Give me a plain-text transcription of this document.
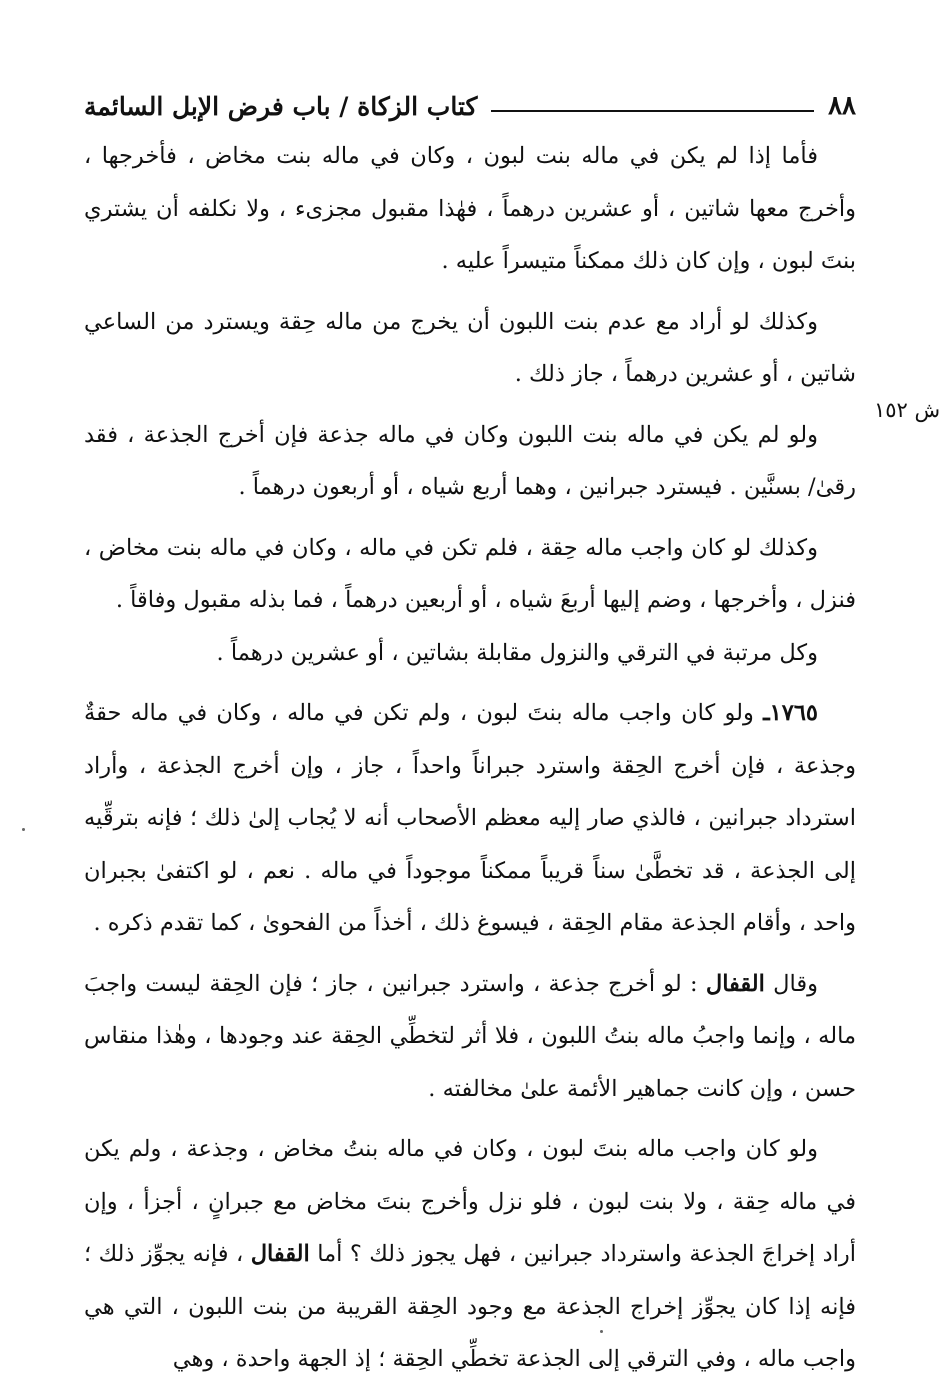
كتاب الزكاة / باب فرض الإبل السائمة	٨٨
ش ١٥٢

فأما إذا لم يكن في ماله بنت لبون ، وكان في ماله بنت مخاض ، فأخرجها ، وأخرج معها شاتين ، أو عشرين درهماً ، فهٰذا مقبول مجزىء ، ولا نكلفه أن يشتري بنتَ لبون ، وإن كان ذلك ممكناً متيسراً عليه .

وكذلك لو أراد مع عدم بنت اللبون أن يخرج من ماله حِقة ويسترد من الساعي شاتين ، أو عشرين درهماً ، جاز ذلك .

ولو لم يكن في ماله بنت اللبون وكان في ماله جذعة فإن أخرج الجذعة ، فقد رقىٰ/ بسنَّين . فيسترد جبرانين ، وهما أربع شياه ، أو أربعون درهماً .

وكذلك لو كان واجب ماله حِقة ، فلم تكن في ماله ، وكان في ماله بنت مخاض ، فنزل ، وأخرجها ، وضم إليها أربعَ شياه ، أو أربعين درهماً ، فما بذله مقبول وفاقاً .

وكل مرتبة في الترقي والنزول مقابلة بشاتين ، أو عشرين درهماً .

١٧٦٥ـ ولو كان واجب ماله بنتَ لبون ، ولم تكن في ماله ، وكان في ماله حقةٌ وجذعة ، فإن أخرج الحِقة واسترد جبراناً واحداً ، جاز ، وإن أخرج الجذعة ، وأراد استرداد جبرانين ، فالذي صار إليه معظم الأصحاب أنه لا يُجاب إلىٰ ذلك ؛ فإنه بترقِّيه إلى الجذعة ، قد تخطَّىٰ سناً قريباً ممكناً موجوداً في ماله . نعم ، لو اكتفىٰ بجبران واحد ، وأقام الجذعة مقام الحِقة ، فيسوغ ذلك ، أخذاً من الفحوىٰ ، كما تقدم ذكره .

وقال القفال : لو أخرج جذعة ، واسترد جبرانين ، جاز ؛ فإن الحِقة ليست واجبَ ماله ، وإنما واجبُ ماله بنتُ اللبون ، فلا أثر لتخطِّي الحِقة عند وجودها ، وهٰذا منقاس حسن ، وإن كانت جماهير الأئمة علىٰ مخالفته .

ولو كان واجب ماله بنتَ لبون ، وكان في ماله بنتُ مخاض ، وجذعة ، ولم يكن في ماله حِقة ، ولا بنت لبون ، فلو نزل وأخرج بنتَ مخاض مع جبرانٍ ، أجزأ ، وإن أراد إخراجَ الجذعة واسترداد جبرانين ، فهل يجوز ذلك ؟ أما القفال ، فإنه يجوِّز ذلك ؛ فإنه إذا كان يجوِّز إخراج الجذعة مع وجود الحِقة القريبة من بنت اللبون ، التي هي واجب ماله ، وفي الترقي إلى الجذعة تخطِّي الحِقة ؛ إذ الجهة واحدة ، وهي
